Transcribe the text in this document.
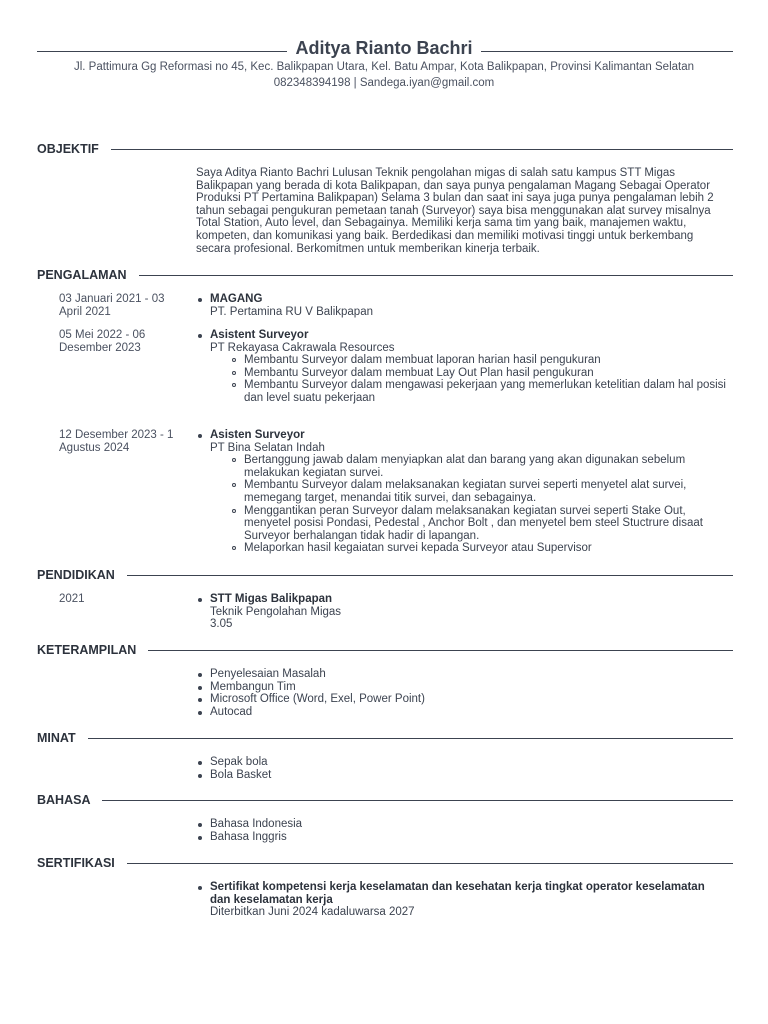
Aditya Rianto Bachri
Jl. Pattimura Gg Reformasi no 45, Kec. Balikpapan Utara, Kel. Batu Ampar, Kota Balikpapan, Provinsi Kalimantan Selatan
082348394198 | Sandega.iyan@gmail.com
OBJEKTIF
Saya Aditya Rianto Bachri Lulusan Teknik pengolahan migas di salah satu kampus STT Migas Balikpapan yang berada di kota Balikpapan, dan saya punya pengalaman Magang Sebagai Operator Produksi PT Pertamina Balikpapan) Selama 3 bulan dan saat ini saya juga punya pengalaman lebih 2 tahun sebagai pengukuran pemetaan tanah (Surveyor) saya bisa menggunakan alat survey misalnya Total Station, Auto level, dan Sebagainya. Memiliki kerja sama tim yang baik, manajemen waktu, kompeten, dan komunikasi yang baik. Berdedikasi dan memiliki motivasi tinggi untuk berkembang secara profesional. Berkomitmen untuk memberikan kinerja terbaik.
PENGALAMAN
03 Januari 2021 - 03 April 2021
MAGANG
PT. Pertamina RU V Balikpapan
05 Mei 2022 - 06 Desember 2023
Asistent Surveyor
PT Rekayasa Cakrawala Resources
Membantu Surveyor dalam membuat laporan harian hasil pengukuran
Membantu Surveyor dalam membuat Lay Out Plan hasil pengukuran
Membantu Surveyor dalam mengawasi pekerjaan yang memerlukan ketelitian dalam hal posisi dan level suatu pekerjaan
12 Desember 2023 - 1 Agustus 2024
Asisten Surveyor
PT Bina Selatan Indah
Bertanggung jawab dalam menyiapkan alat dan barang yang akan digunakan sebelum melakukan kegiatan survei.
Membantu Surveyor dalam melaksanakan kegiatan survei seperti menyetel alat survei, memegang target, menandai titik survei, dan sebagainya.
Menggantikan peran Surveyor dalam melaksanakan kegiatan survei seperti Stake Out, menyetel posisi Pondasi, Pedestal , Anchor Bolt , dan menyetel bem steel Stuctrure disaat Surveyor berhalangan tidak hadir di lapangan.
Melaporkan hasil kegaiatan survei kepada Surveyor atau Supervisor
PENDIDIKAN
2021	STT Migas Balikpapan
Teknik Pengolahan Migas
3.05
KETERAMPILAN
Penyelesaian Masalah
Membangun Tim
Microsoft Office (Word, Exel, Power Point)
Autocad
MINAT
Sepak bola
Bola Basket
BAHASA
Bahasa Indonesia
Bahasa Inggris
SERTIFIKASI
Sertifikat kompetensi kerja keselamatan dan kesehatan kerja tingkat operator keselamatan dan keselamatan kerja
Diterbitkan Juni 2024 kadaluwarsa 2027
